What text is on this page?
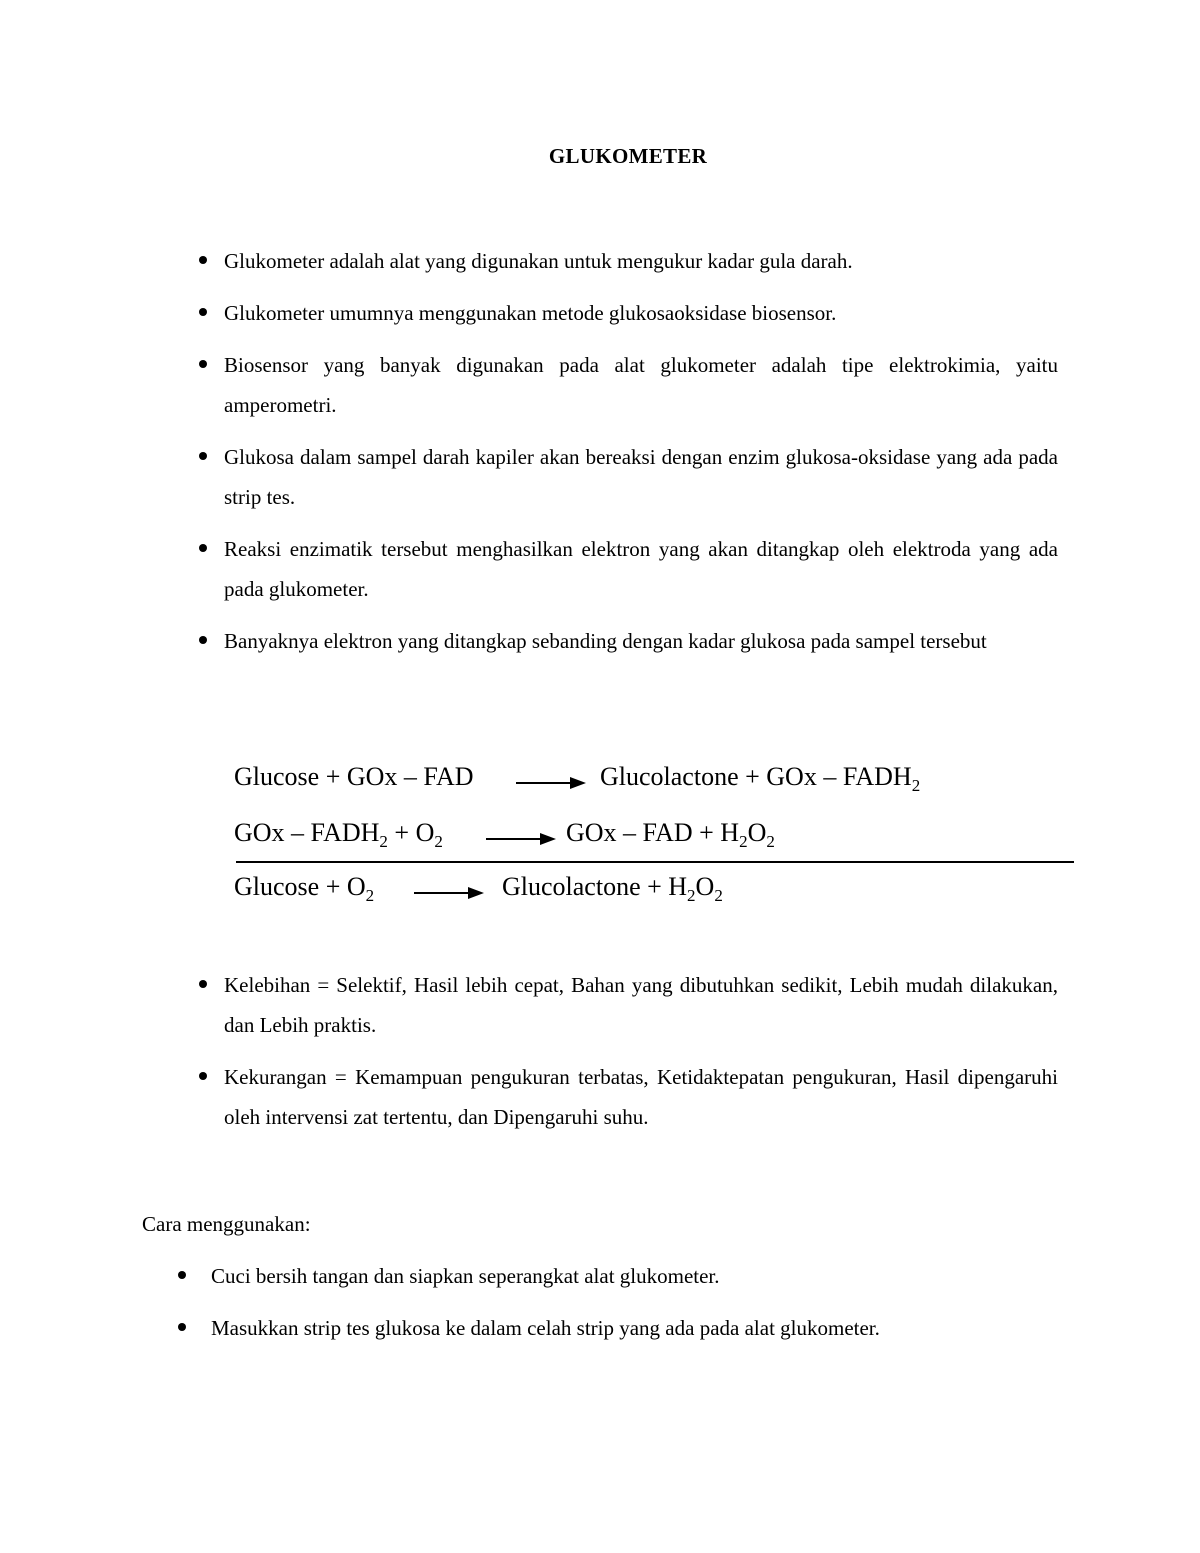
GLUKOMETER
Glukometer adalah alat yang digunakan untuk mengukur kadar gula darah.
Glukometer umumnya menggunakan metode glukosaoksidase biosensor.
Biosensor yang banyak digunakan pada alat glukometer adalah tipe elektrokimia, yaitu amperometri.
Glukosa dalam sampel darah kapiler akan bereaksi dengan enzim glukosa-oksidase yang ada pada strip tes.
Reaksi enzimatik tersebut menghasilkan elektron yang akan ditangkap oleh elektroda yang ada pada glukometer.
Banyaknya elektron yang ditangkap sebanding dengan kadar glukosa pada sampel tersebut
Glucose + GOx – FAD	Glucolactone + GOx – $FADH_2$
GOx – $FADH_2 + O_2$	GOx – FAD + $H_2O_2$
$Glucose + O_2$	Glucolactone + $H_2O_2$
Kelebihan = Selektif, Hasil lebih cepat, Bahan yang dibutuhkan sedikit, Lebih mudah dilakukan, dan Lebih praktis.
Kekurangan = Kemampuan pengukuran terbatas, Ketidaktepatan pengukuran, Hasil dipengaruhi oleh intervensi zat tertentu, dan Dipengaruhi suhu.
Cara menggunakan:
Cuci bersih tangan dan siapkan seperangkat alat glukometer.
Masukkan strip tes glukosa ke dalam celah strip yang ada pada alat glukometer.
